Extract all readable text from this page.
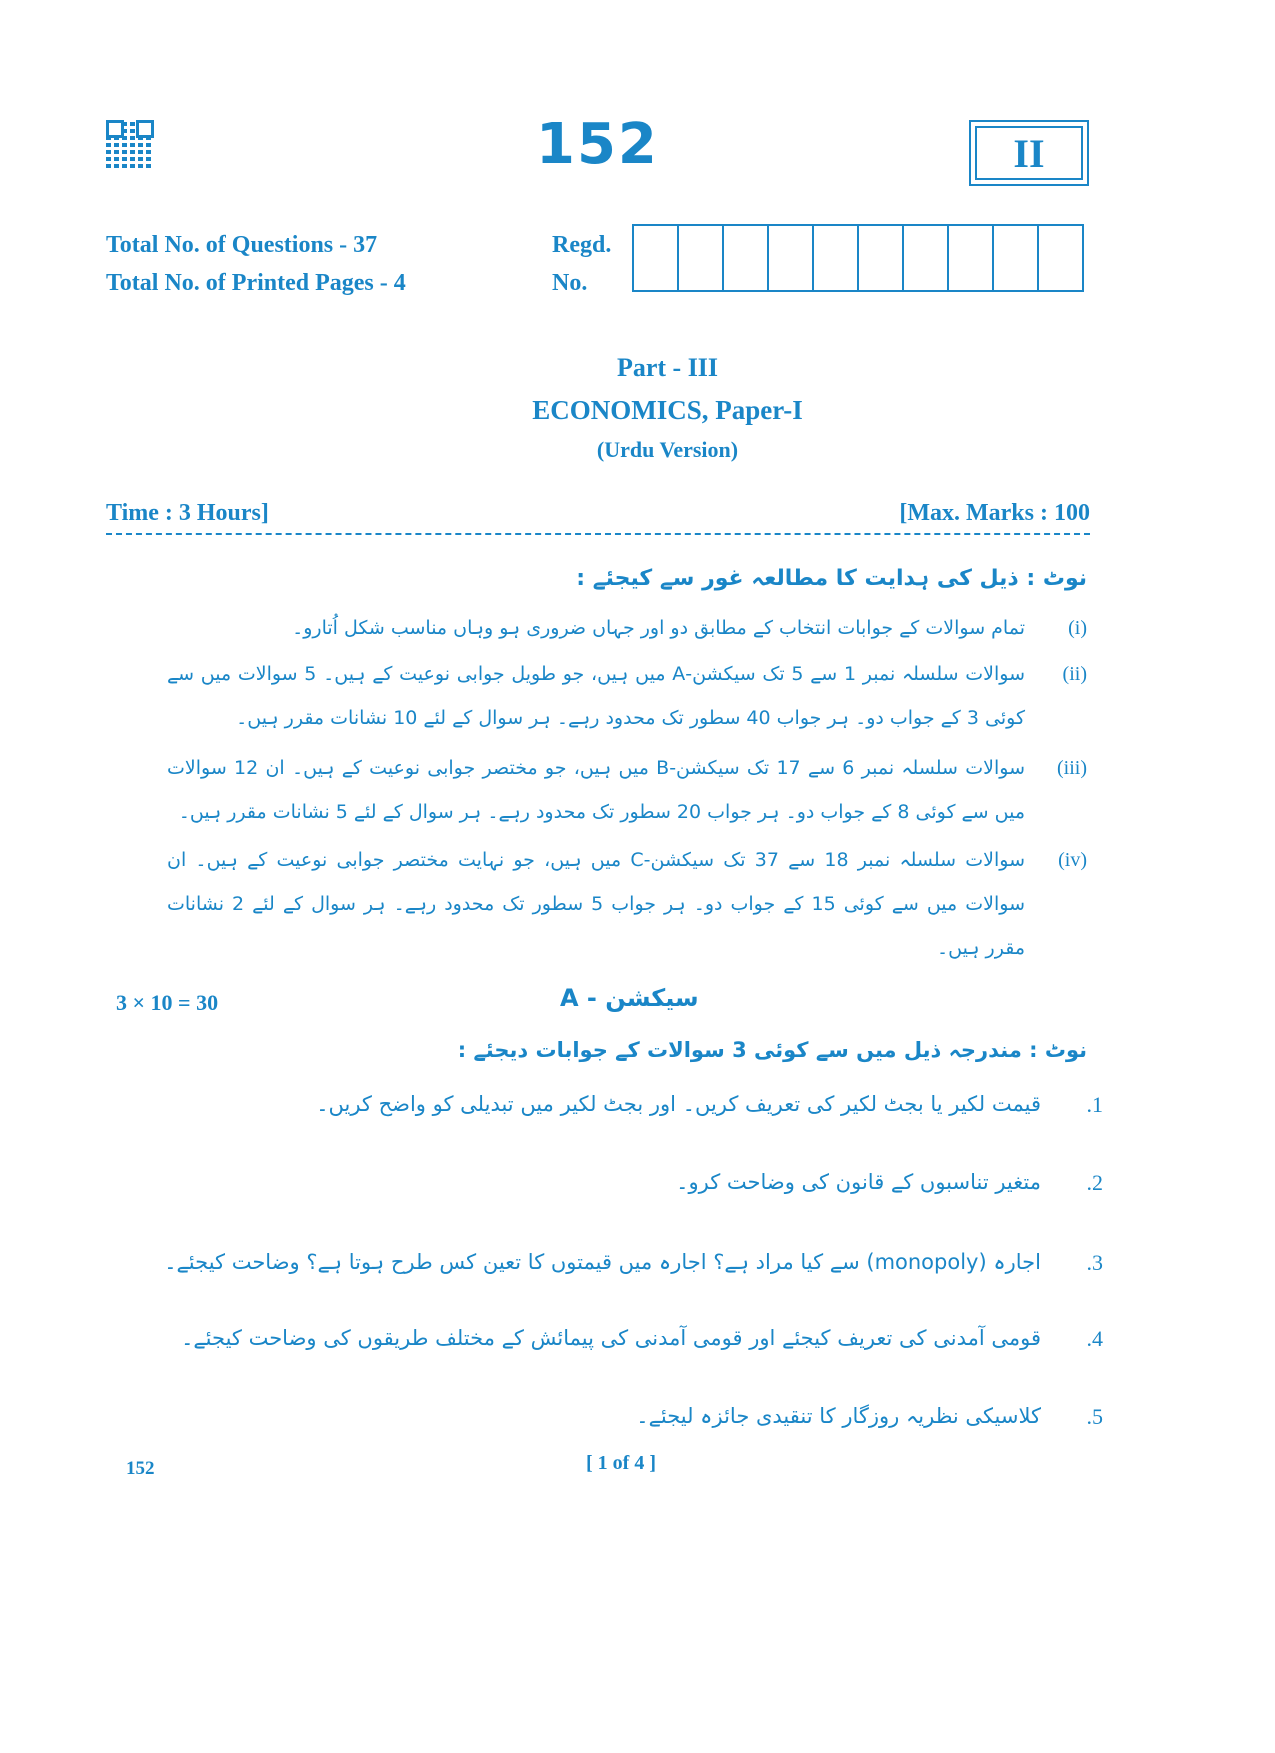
152	II
Total No. of Questions - 37
Total No. of Printed Pages - 4
Regd.
No.
Part - III
ECONOMICS, Paper-I
(Urdu Version)
Time : 3 Hours]	[Max. Marks : 100
نوٹ : ذیل کی ہدایت کا مطالعہ غور سے کیجئے :
(i)
تمام سوالات کے جوابات انتخاب کے مطابق دو اور جہاں ضروری ہو وہاں مناسب شکل اُتارو۔
(ii)
سوالات سلسلہ نمبر 1 سے 5 تک سیکشن-A میں ہیں، جو طویل جوابی نوعیت کے ہیں۔ 5 سوالات میں سے کوئی 3 کے جواب دو۔ ہر جواب 40 سطور تک محدود رہے۔ ہر سوال کے لئے 10 نشانات مقرر ہیں۔
(iii)
سوالات سلسلہ نمبر 6 سے 17 تک سیکشن-B میں ہیں، جو مختصر جوابی نوعیت کے ہیں۔ ان 12 سوالات میں سے کوئی 8 کے جواب دو۔ ہر جواب 20 سطور تک محدود رہے۔ ہر سوال کے لئے 5 نشانات مقرر ہیں۔
(iv)
سوالات سلسلہ نمبر 18 سے 37 تک سیکشن-C میں ہیں، جو نہایت مختصر جوابی نوعیت کے ہیں۔ ان سوالات میں سے کوئی 15 کے جواب دو۔ ہر جواب 5 سطور تک محدود رہے۔ ہر سوال کے لئے 2 نشانات مقرر ہیں۔
3 × 10 = 30	سیکشن - A
نوٹ : مندرجہ ذیل میں سے کوئی 3 سوالات کے جوابات دیجئے :
1.
قیمت لکیر یا بجٹ لکیر کی تعریف کریں۔ اور بجٹ لکیر میں تبدیلی کو واضح کریں۔
2.
متغیر تناسبوں کے قانون کی وضاحت کرو۔
3.
اجارہ (monopoly) سے کیا مراد ہے؟ اجارہ میں قیمتوں کا تعین کس طرح ہوتا ہے؟ وضاحت کیجئے۔
4.
قومی آمدنی کی تعریف کیجئے اور قومی آمدنی کی پیمائش کے مختلف طریقوں کی وضاحت کیجئے۔
5.
کلاسیکی نظریہ روزگار کا تنقیدی جائزہ لیجئے۔
152	[ 1 of 4 ]
